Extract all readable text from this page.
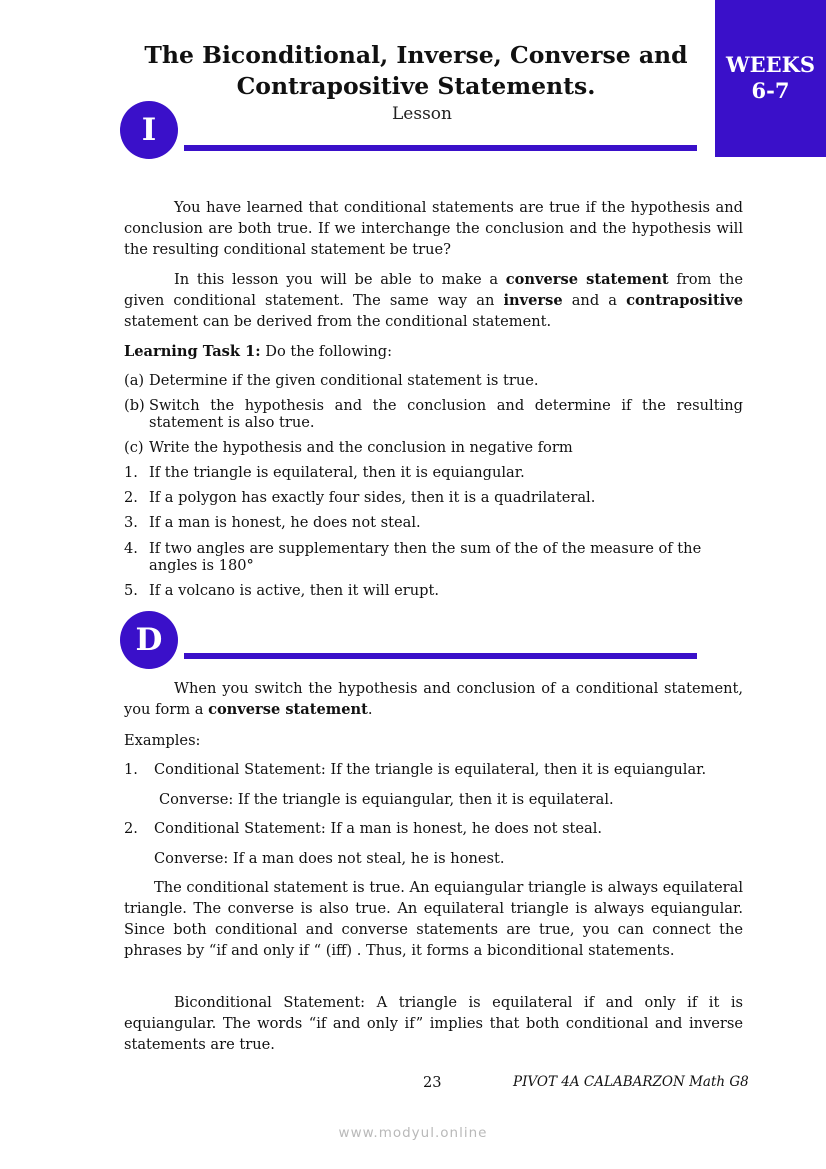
The Biconditional, Inverse, Converse and
Contrapositive Statements.
WEEKS
6-7
Lesson
I

You have learned that conditional statements are true if the hypothesis and conclusion are both true. If we interchange the conclusion and the hypothesis will the resulting conditional statement be true?

In this lesson you will be able to make a converse statement from the given conditional statement. The same way an inverse and a contrapositive statement can be derived from the conditional statement.

Learning Task 1: Do the following:

(a) Determine if the given conditional statement is true.
(b) Switch the hypothesis and the conclusion and determine if the resulting statement is also true.
(c) Write the hypothesis and the conclusion in negative form
1. If the triangle is equilateral, then it is equiangular.
2. If a polygon has exactly four sides, then it is a quadrilateral.
3. If a man is honest, he does not steal.
4. If two angles are supplementary then the sum of the of the measure of the angles is 180°
5. If a volcano is active, then it will erupt.
D

When you switch the hypothesis and conclusion of a conditional statement, you form a converse statement.

Examples:
1. Conditional Statement: If the triangle is equilateral, then it is equiangular.
Converse: If the triangle is equiangular, then it is equilateral.
2. Conditional Statement: If a man is honest, he does not steal.
Converse: If a man does not steal, he is honest.

The conditional statement is true. An equiangular triangle is always equilateral triangle. The converse is also true. An equilateral triangle is always equiangular. Since both conditional and converse statements are true, you can connect the phrases by “if and only if “ (iff) . Thus, it forms a biconditional statements.

Biconditional Statement: A triangle is equilateral if and only if it is equiangular. The words “if and only if” implies that both conditional and inverse statements are true.

23	PIVOT 4A CALABARZON Math G8
www.modyul.online
